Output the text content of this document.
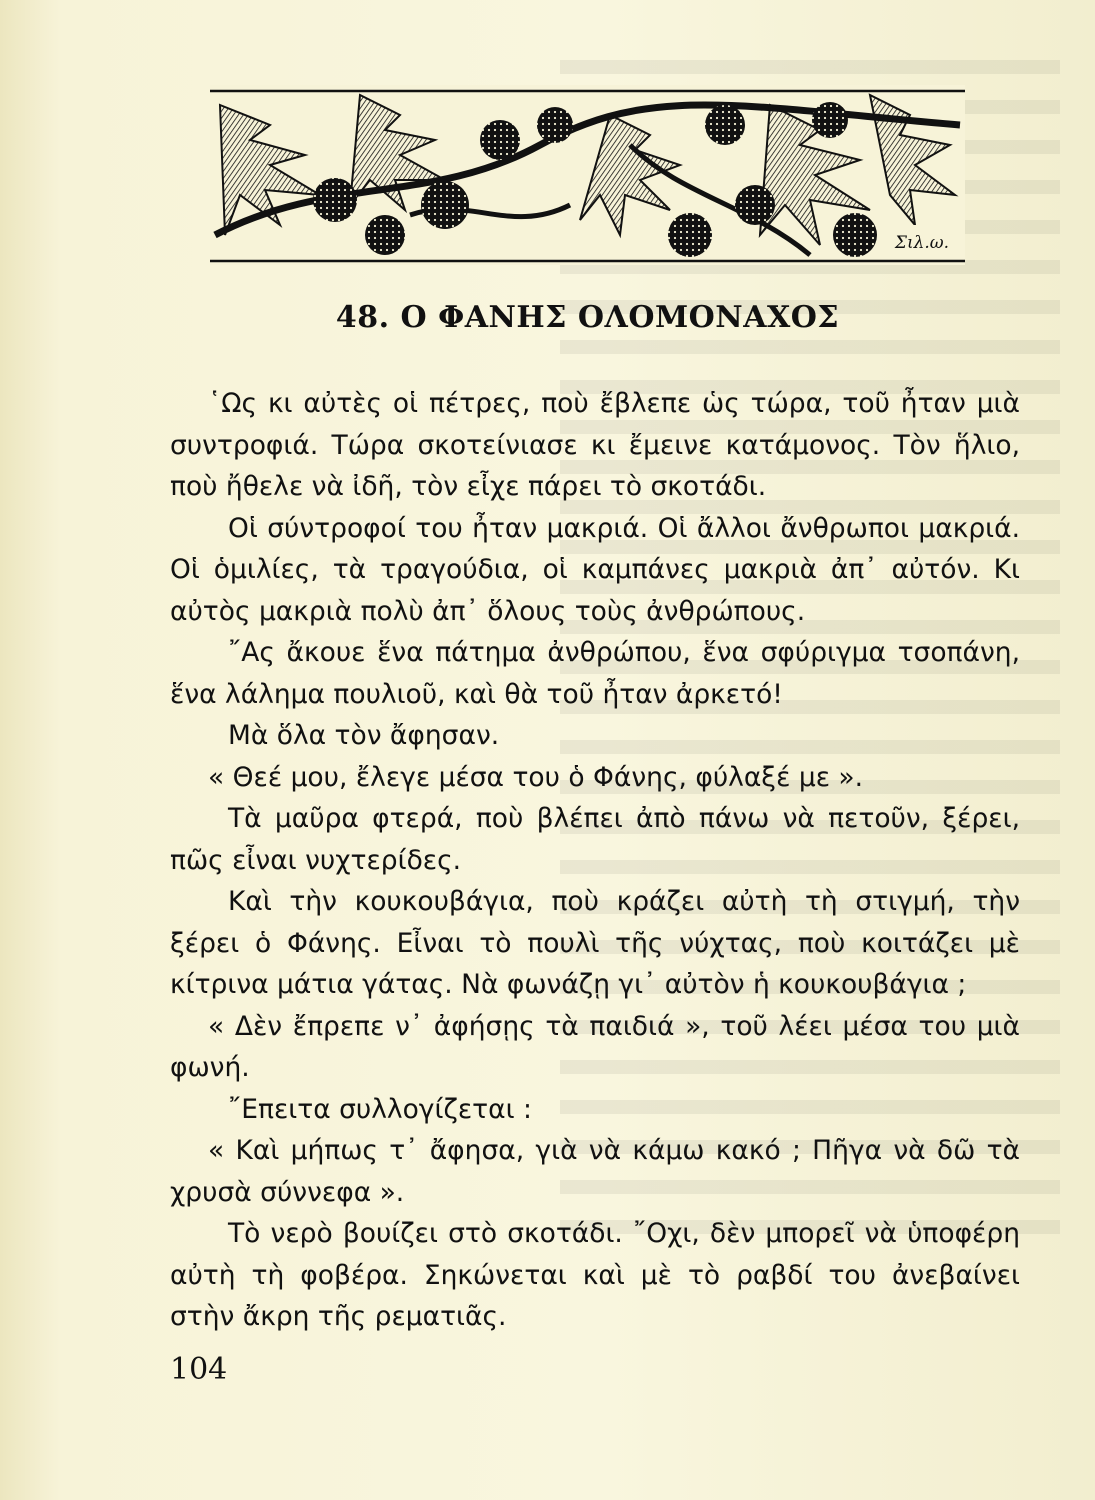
Σιλ.ω.
48. Ο ΦΑΝΗΣ ΟΛΟΜΟΝΑΧΟΣ

῾Ως κι αὐτὲς οἱ πέτρες, ποὺ ἔβλεπε ὡς τώρα, τοῦ ἦταν μιὰ συντροφιά. Τώρα σκοτείνιασε κι ἔμεινε κατάμονος. Τὸν ἥλιο, ποὺ ἤθελε νὰ ἰδῆ, τὸν εἶχε πάρει τὸ σκοτάδι.

Οἱ σύντροφοί του ἦταν μακριά. Οἱ ἄλλοι ἄνθρωποι μακριά. Οἱ ὁμιλίες, τὰ τραγούδια, οἱ καμπάνες μακριὰ ἀπ᾽ αὐτόν. Κι αὐτὸς μακριὰ πολὺ ἀπ᾽ ὅλους τοὺς ἀνθρώπους.

῎Ας ἄκουε ἕνα πάτημα ἀνθρώπου, ἕνα σφύριγμα τσοπάνη, ἕνα λάλημα πουλιοῦ, καὶ θὰ τοῦ ἦταν ἀρκετό!

Μὰ ὅλα τὸν ἄφησαν.

« Θεέ μου, ἔλεγε μέσα του ὁ Φάνης, φύλαξέ με ».

Τὰ μαῦρα φτερά, ποὺ βλέπει ἀπὸ πάνω νὰ πετοῦν, ξέρει, πῶς εἶναι νυχτερίδες.

Καὶ τὴν κουκουβάγια, ποὺ κράζει αὐτὴ τὴ στιγμή, τὴν ξέρει ὁ Φάνης. Εἶναι τὸ πουλὶ τῆς νύχτας, ποὺ κοιτάζει μὲ κίτρινα μάτια γάτας. Νὰ φωνάζῃ γι᾽ αὐτὸν ἡ κουκουβάγια ;

« Δὲν ἔπρεπε ν᾽ ἀφήσῃς τὰ παιδιά », τοῦ λέει μέσα του μιὰ φωνή.

῎Επειτα συλλογίζεται :

« Καὶ μήπως τ᾽ ἄφησα, γιὰ νὰ κάμω κακό ; Πῆγα νὰ δῶ τὰ χρυσὰ σύννεφα ».

Τὸ νερὸ βουίζει στὸ σκοτάδι. ῎Οχι, δὲν μπορεῖ νὰ ὑποφέρη αὐτὴ τὴ φοβέρα. Σηκώνεται καὶ μὲ τὸ ραβδί του ἀνεβαίνει στὴν ἄκρη τῆς ρεματιᾶς.

104
